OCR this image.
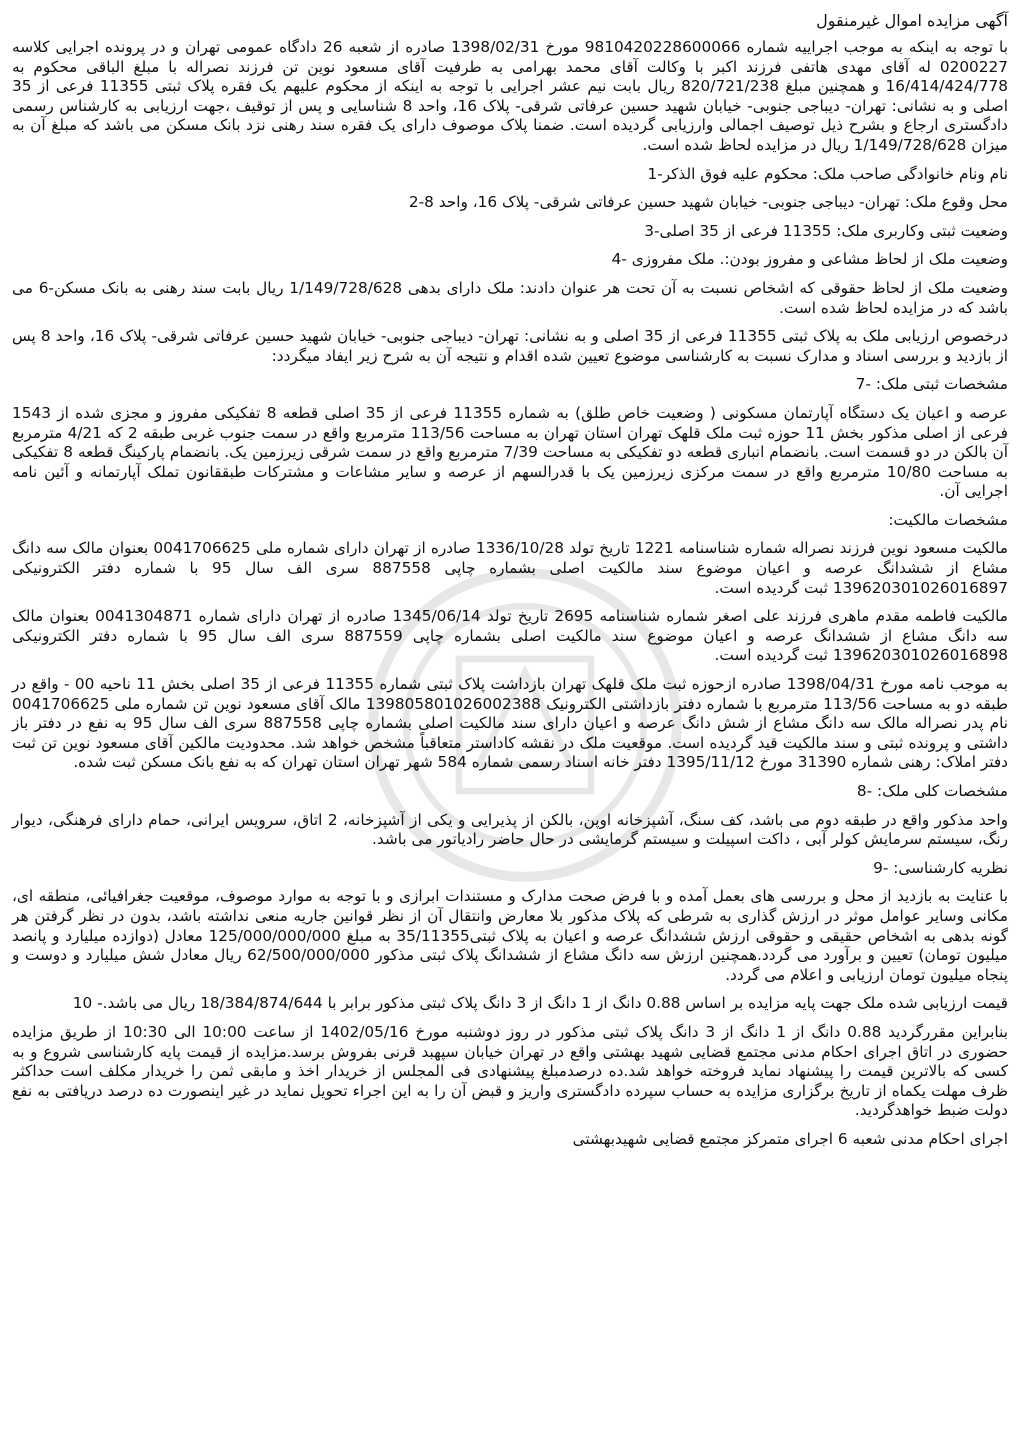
آگهی مزایده اموال غیرمنقول

با توجه به اینکه به موجب اجراییه شماره 9810420228600066 مورخ 1398/02/31 صادره از شعبه 26 دادگاه عمومی تهران و در پرونده اجرایی کلاسه 0200227 له آقای مهدی هاتفی فرزند اکبر با وکالت آقای محمد بهرامی به طرفیت آقای مسعود نوین تن فرزند نصراله با مبلغ الباقی محکوم به 16/414/424/778 و همچنین مبلغ 820/721/238 ریال بابت نیم عشر اجرایی با توجه به اینکه از محکوم علیهم یک فقره پلاک ثبتی 11355 فرعی از 35 اصلی و به نشانی: تهران- دیباجی جنوبی- خیابان شهید حسین عرفاتی شرقی- پلاک 16، واحد 8 شناسایی و پس از توقیف ،جهت ارزیابی به کارشناس رسمی دادگستری ارجاع و بشرح ذیل توصیف اجمالی وارزیابی گردیده است. ضمنا پلاک موصوف دارای یک فقره سند رهنی نزد بانک مسکن می باشد که مبلغ آن به میزان 1/149/728/628 ریال در مزایده لحاظ شده است.

نام ونام خانوادگی صاحب ملک: محکوم علیه فوق الذکر-1

محل وقوع ملک: تهران- دیباجی جنوبی- خیابان شهید حسین عرفاتی شرقی- پلاک 16، واحد 8-2

وضعیت ثبتی وکاربری ملک: 11355 فرعی از 35 اصلی-3

وضعیت ملک از لحاظ مشاعی و مفروز بودن:. ملک مفروزی -4

وضعیت ملک از لحاظ حقوقی که اشخاص نسبت به آن تحت هر عنوان دادند: ملک دارای بدهی 1/149/728/628 ریال بابت سند رهنی به بانک مسکن-6 می باشد که در مزایده لحاظ شده است.

درخصوص ارزیابی ملک به پلاک ثبتی 11355 فرعی از 35 اصلی و به نشانی: تهران- دیباجی جنوبی- خیابان شهید حسین عرفاتی شرقی- پلاک 16، واحد 8 پس از بازدید و بررسی اسناد و مدارک نسبت به کارشناسی موضوع تعیین شده اقدام و نتیجه آن به شرح زیر ایفاد میگردد:

مشخصات ثبتی ملک: -7

عرصه و اعیان یک دستگاه آپارتمان مسکونی ( وضعیت خاص طلق) به شماره 11355 فرعی از 35 اصلی قطعه 8 تفکیکی مفروز و مجزی شده از 1543 فرعی از اصلی مذکور بخش 11 حوزه ثبت ملک قلهک تهران استان تهران به مساحت 113/56 مترمربع واقع در سمت جنوب غربی طبقه 2 که 4/21 مترمربع آن بالکن در دو قسمت است. بانضمام انباری قطعه دو تفکیکی به مساحت 7/39 مترمربع واقع در سمت شرقی زیرزمین یک. بانضمام پارکینگ قطعه 8 تفکیکی به مساحت 10/80 مترمربع واقع در سمت مرکزی زیرزمین یک با قدرالسهم از عرصه و سایر مشاعات و مشترکات طبققانون تملک آپارتمانه و آئین نامه اجرایی آن.

مشخصات مالکیت:

مالکیت مسعود نوین فرزند نصراله شماره شناسنامه 1221 تاریخ تولد 1336/10/28 صادره از تهران دارای شماره ملی 0041706625 بعنوان مالک سه دانگ مشاع از ششدانگ عرصه و اعیان موضوع سند مالکیت اصلی بشماره چاپی 887558 سری الف سال 95 با شماره دفتر الکترونیکی 139620301026016897 ثبت گردیده است.

مالکیت فاطمه مقدم ماهری فرزند علی اصغر شماره شناسنامه 2695 تاریخ تولد 1345/06/14 صادره از تهران دارای شماره 0041304871 بعنوان مالک سه دانگ مشاع از ششدانگ عرصه و اعیان موضوع سند مالکیت اصلی بشماره چاپی 887559 سری الف سال 95 با شماره دفتر الکترونیکی 139620301026016898 ثبت گردیده است.

به موجب نامه مورخ 1398/04/31 صادره ازحوزه ثبت ملک قلهک تهران بازداشت پلاک ثبتی شماره 11355 فرعی از 35 اصلی بخش 11 ناحیه 00 - واقع در طبقه دو به مساحت 113/56 مترمربع با شماره دفتر بازداشتی الکترونیک 139805801026002388 مالک آقای مسعود نوین تن شماره ملی 0041706625 نام پدر نصراله مالک سه دانگ مشاع از شش دانگ عرصه و اعیان دارای سند مالکیت اصلی بشماره چاپی 887558 سری الف سال 95 به نفع در دفتر باز داشتی و پرونده ثبتی و سند مالکیت قید گردیده است. موقعیت ملک در نقشه کاداستر متعاقباً مشخص خواهد شد. محدودیت مالکین آقای مسعود نوین تن ثبت دفتر املاک: رهنی شماره 31390 مورخ 1395/11/12 دفتر خانه اسناد رسمی شماره 584 شهر تهران استان تهران که به نفع بانک مسکن ثبت شده.

مشخصات کلی ملک: -8

واحد مذکور واقع در طبقه دوم می باشد، کف سنگ، آشپزخانه اوپن، بالکن از پذیرایی و یکی از آشپزخانه، 2 اتاق، سرویس ایرانی، حمام دارای فرهنگی، دیوار رنگ، سیستم سرمایش کولر آبی ، داکت اسپیلت و سیستم گرمایشی در حال حاضر رادیاتور می باشد.

نظریه کارشناسی: -9

با عنایت به بازدید از محل و بررسی های بعمل آمده و با فرض صحت مدارک و مستندات ابرازی و با توجه به موارد موصوف، موقعیت جغرافیائی، منطقه ای، مکانی وسایر عوامل موثر در ارزش گذاری به شرطی که پلاک مذکور بلا معارض وانتقال آن از نظر قوانین جاریه منعی نداشته باشد، بدون در نظر گرفتن هر گونه بدهی به اشخاص حقیقی و حقوقی ارزش ششدانگ عرصه و اعیان به پلاک ثبتی35/11355 به مبلغ 125/000/000/000 معادل (دوازده میلیارد و پانصد میلیون تومان) تعیین و برآورد می گردد.همچنین ارزش سه دانگ مشاع از ششدانگ پلاک ثبتی مذکور 62/500/000/000 ریال معادل شش میلیارد و دوست و پنجاه میلیون تومان ارزیابی و اعلام می گردد.

قیمت ارزیابی شده ملک جهت پایه مزایده بر اساس 0.88 دانگ از 1 دانگ از 3 دانگ پلاک ثبتی مذکور برابر با 18/384/874/644 ریال می باشد.- 10

بنابراین مقررگردید 0.88 دانگ از 1 دانگ از 3 دانگ پلاک ثبتی مذکور در روز دوشنبه مورخ 1402/05/16 از ساعت 10:00 الی 10:30 از طریق مزایده حضوری در اتاق اجرای احکام مدنی مجتمع قضایی شهید بهشتی واقع در تهران خیابان سپهبد قرنی بفروش برسد.مزایده از قیمت پایه کارشناسی شروع و به کسی که بالاترین قیمت را پیشنهاد نماید فروخته خواهد شد.ده درصدمبلغ پیشنهادی فی المجلس از خریدار اخذ و مابقی ثمن را خریدار مکلف است حداکثر ظرف مهلت یکماه از تاریخ برگزاری مزایده به حساب سپرده دادگستری واریز و قبض آن را به این اجراء تحویل نماید در غیر اینصورت ده درصد دریافتی به نفع دولت ضبط خواهدگردید.

اجرای احکام مدنی شعبه 6 اجرای متمرکز مجتمع قضایی شهیدبهشتی
